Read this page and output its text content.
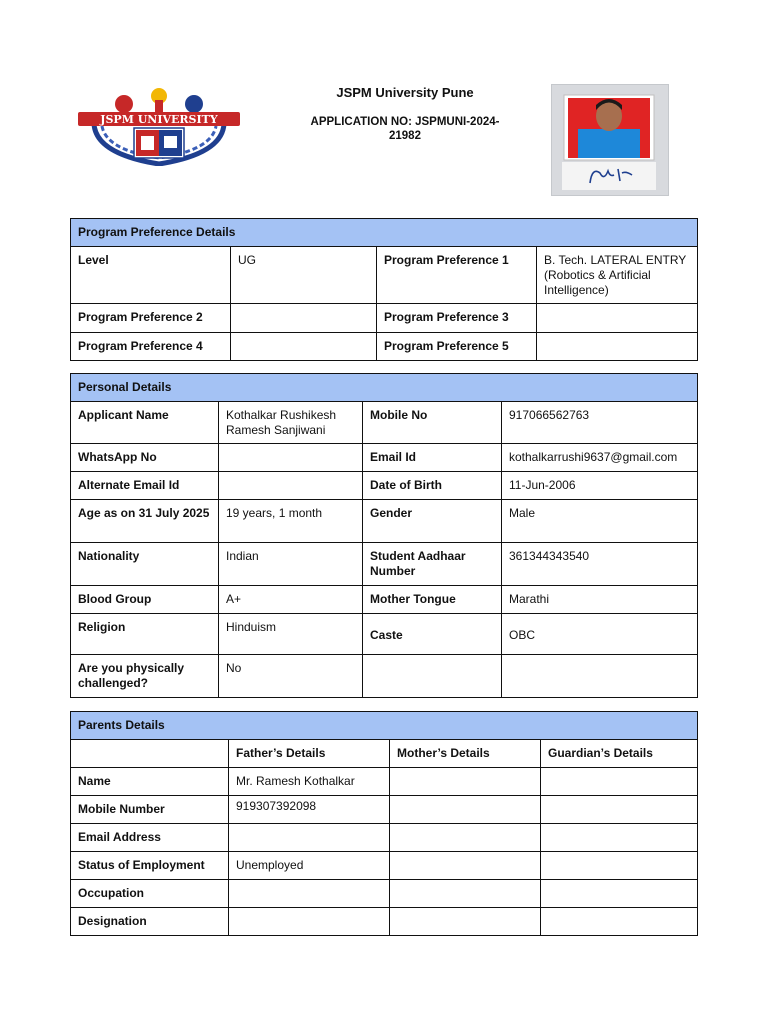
JSPM UNIVERSITY
JSPM University Pune
APPLICATION NO: JSPMUNI-2024-21982
Program Preference Details			
Level	UG	Program Preference 1	B. Tech. LATERAL ENTRY (Robotics & Artificial Intelligence)
Program Preference 2		Program Preference 3	
Program Preference 4		Program Preference 5	
Personal Details			
Applicant Name	Kothalkar Rushikesh Ramesh Sanjiwani	Mobile No	917066562763
WhatsApp No		Email Id	kothalkarrushi9637@gmail.com
Alternate Email Id		Date of Birth	11-Jun-2006
Age as on 31 July 2025	19 years, 1 month	Gender	Male
Nationality	Indian	Student Aadhaar Number	361344343540
Blood Group	A+	Mother Tongue	Marathi
Religion	Hinduism	Caste	OBC
Are you physically challenged?	No		
Parents Details			
	Father’s Details	Mother’s Details	Guardian’s Details
Name	Mr. Ramesh Kothalkar		
Mobile Number	919307392098		
Email Address			
Status of Employment	Unemployed		
Occupation			
Designation			
